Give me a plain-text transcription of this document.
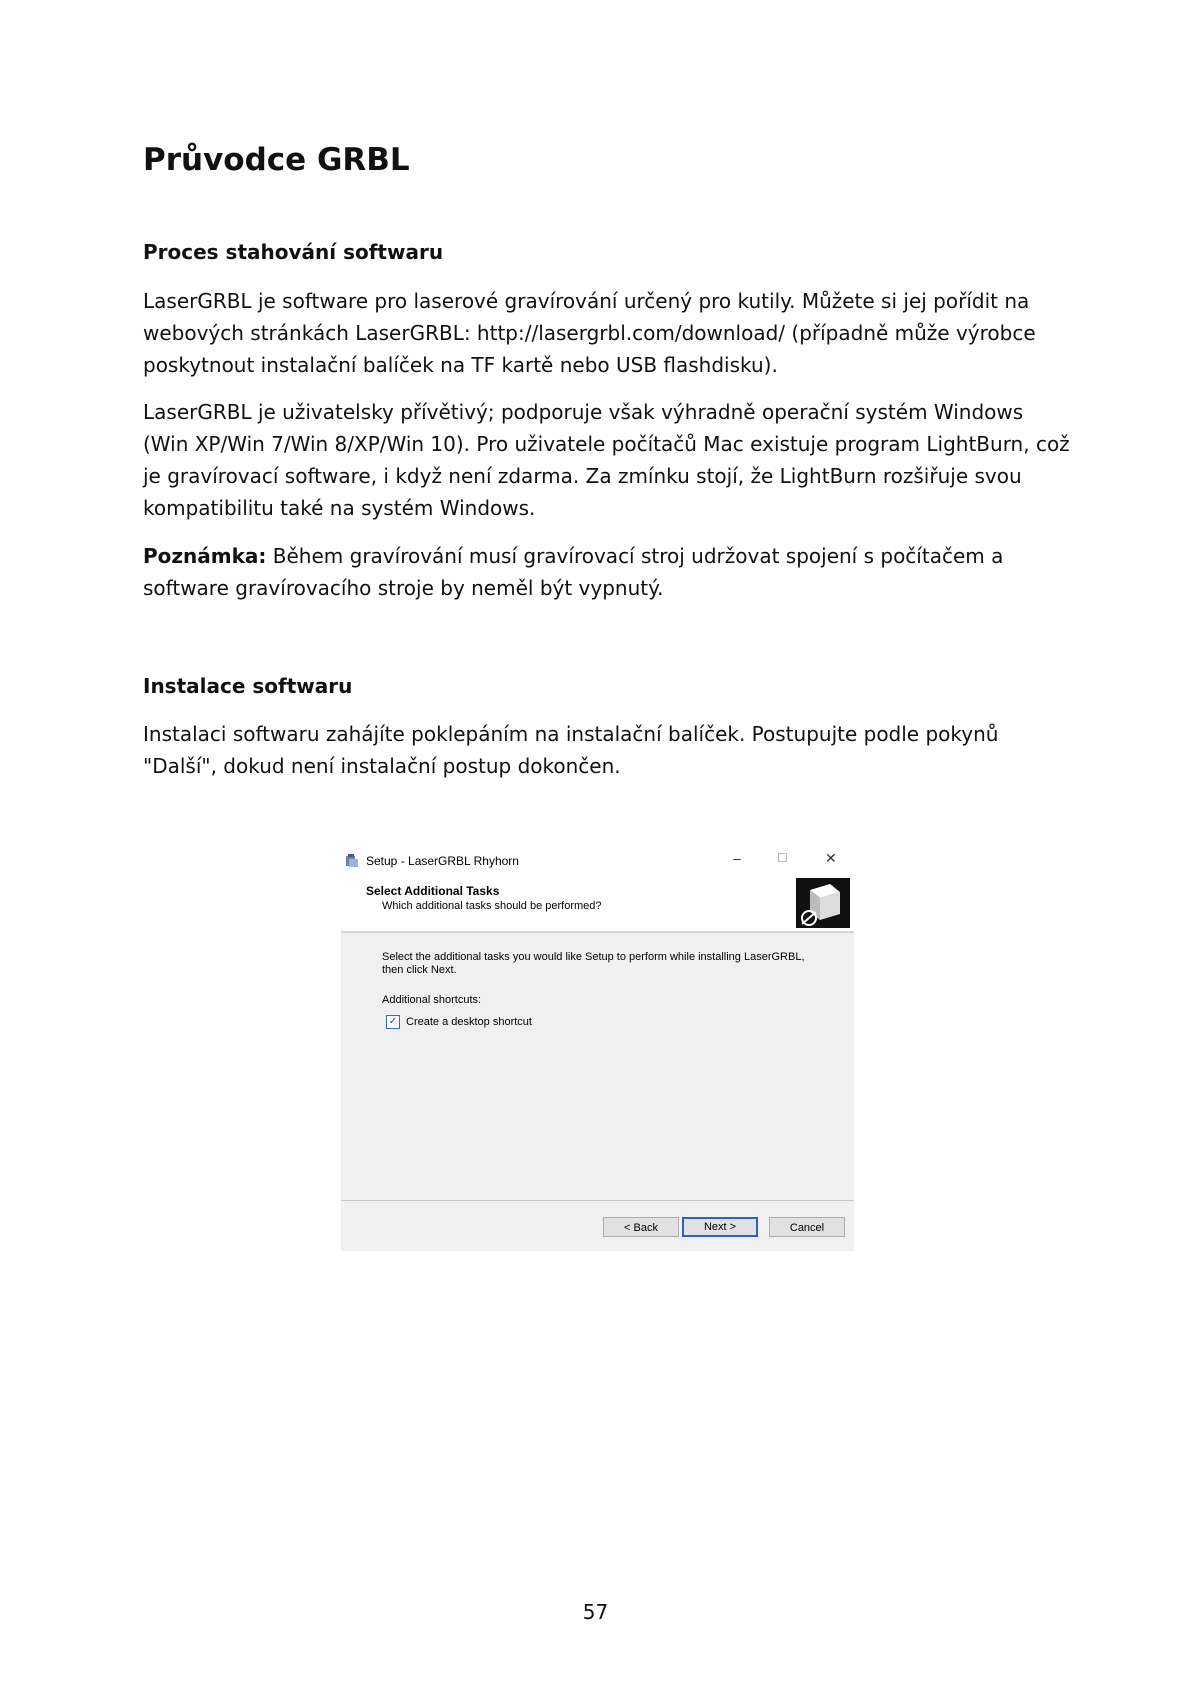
Průvodce GRBL
Proces stahování softwaru

LaserGRBL je software pro laserové gravírování určený pro kutily. Můžete si jej pořídit na webových stránkách LaserGRBL: http://lasergrbl.com/download/ (případně může výrobce poskytnout instalační balíček na TF kartě nebo USB flashdisku).

LaserGRBL je uživatelsky přívětivý; podporuje však výhradně operační systém Windows (Win XP/Win 7/Win 8/XP/Win 10). Pro uživatele počítačů Mac existuje program LightBurn, což je gravírovací software, i když není zdarma. Za zmínku stojí, že LightBurn rozšiřuje svou kompatibilitu také na systém Windows.

Poznámka: Během gravírování musí gravírovací stroj udržovat spojení s počítačem a software gravírovacího stroje by neměl být vypnutý.

Instalace softwaru

Instalaci softwaru zahájíte poklepáním na instalační balíček. Postupujte podle pokynů "Další", dokud není instalační postup dokončen.

Setup - LaserGRBL Rhyhorn	–	☐	✕
Select Additional Tasks
Which additional tasks should be performed?
Select the additional tasks you would like Setup to perform while installing LaserGRBL, then click Next.
Additional shortcuts:
✓ Create a desktop shortcut
< Back	Next >	Cancel

57
